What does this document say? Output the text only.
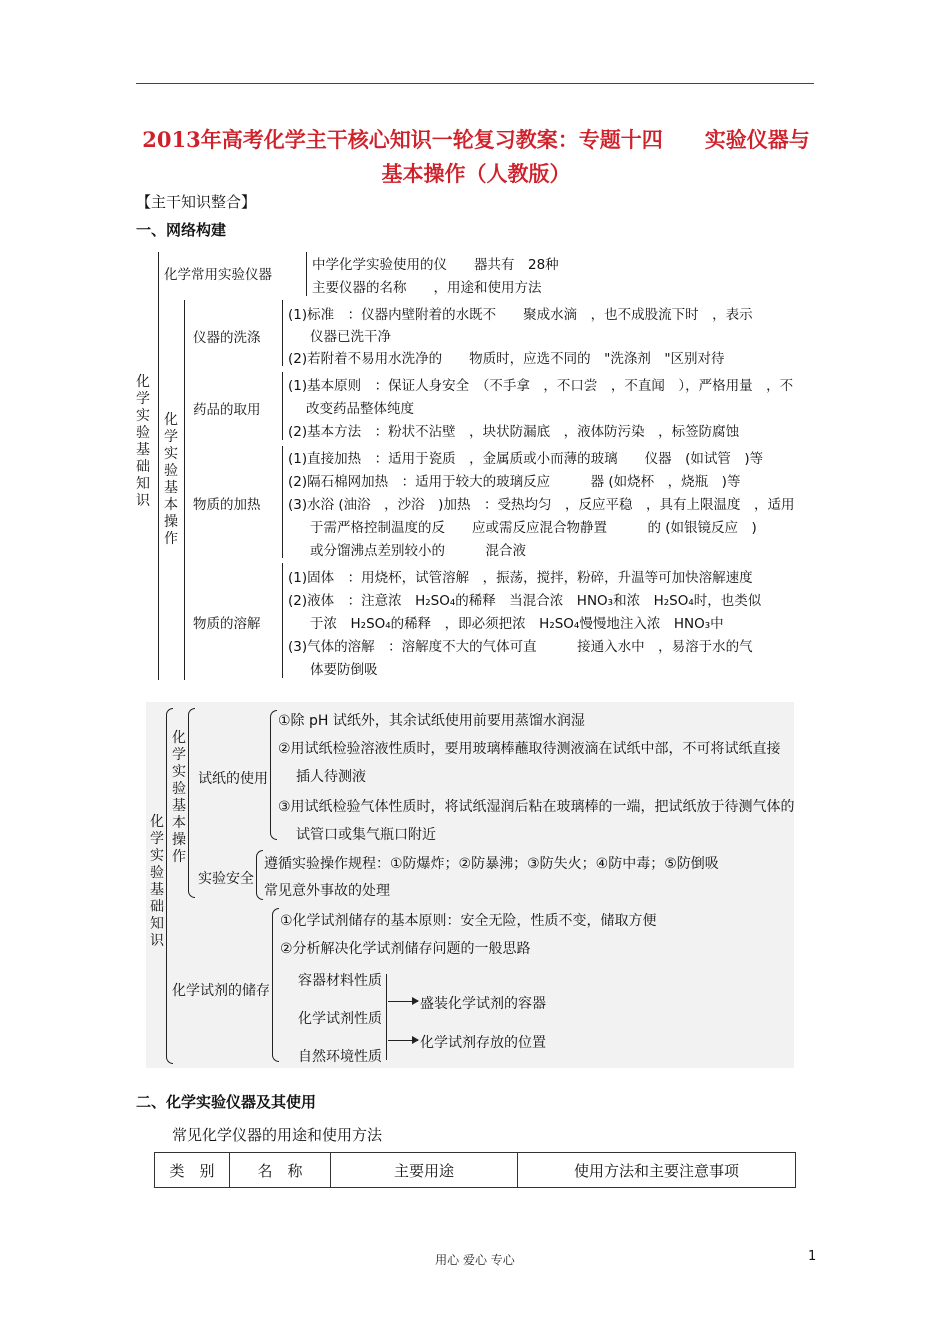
2013年高考化学主干核心知识一轮复习教案：专题十四　　实验仪器与
基本操作（人教版）
【主干知识整合】
一、网络构建
化学实验基础知识
化学常用实验仪器
中学化学实验使用的仪　　器共有　28种
主要仪器的名称　　，用途和使用方法
化学实验基本操作
仪器的洗涤
(1)标准　：仪器内壁附着的水既不　　聚成水滴　，也不成股流下时　，表示
仪器已洗干净
(2)若附着不易用水洗净的　　物质时，应选不同的　"洗涤剂　"区别对待
药品的取用
(1)基本原则　：保证人身安全　（不手拿　，不口尝　，不直闻　），严格用量　，不
改变药品整体纯度
(2)基本方法　：粉状不沾壁　，块状防漏底　，液体防污染　，标签防腐蚀
物质的加热
(1)直接加热　：适用于瓷质　，金属质或小而薄的玻璃　　仪器　(如试管　)等
(2)隔石棉网加热　：适用于较大的玻璃反应　　　器 (如烧杯　，烧瓶　)等
(3)水浴 (油浴　，沙浴　)加热　：受热均匀　，反应平稳　，具有上限温度　，适用
于需严格控制温度的反　　应或需反应混合物静置　　　的 (如银镜反应　)
或分馏沸点差别较小的　　　混合液
物质的溶解
(1)固体　：用烧杯，试管溶解　，振荡，搅拌，粉碎，升温等可加快溶解速度
(2)液体　：注意浓　H₂SO₄的稀释　当混合浓　HNO₃和浓　H₂SO₄时，也类似
于浓　H₂SO₄的稀释　，即必须把浓　H₂SO₄慢慢地注入浓　HNO₃中
(3)气体的溶解　：溶解度不大的气体可直　　　接通入水中　，易溶于水的气
体要防倒吸
化学实验基础知识
化学实验基本操作
试纸的使用
①除 pH 试纸外，其余试纸使用前要用蒸馏水润湿
②用试纸检验溶液性质时，要用玻璃棒蘸取待测液滴在试纸中部，不可将试纸直接
插人待测液
③用试纸检验气体性质时，将试纸湿润后粘在玻璃棒的一端，把试纸放于待测气体的
试管口或集气瓶口附近
实验安全
遵循实验操作规程：①防爆炸；②防暴沸；③防失火；④防中毒；⑤防倒吸
常见意外事故的处理
化学试剂的储存
①化学试剂储存的基本原则：安全无险，性质不变，储取方便
②分析解决化学试剂储存问题的一般思路
容器材料性质
化学试剂性质
自然环境性质
盛装化学试剂的容器
化学试剂存放的位置
二、化学实验仪器及其使用
常见化学仪器的用途和使用方法
类　别	名　称	主要用途	使用方法和主要注意事项
用心 爱心 专心	1
